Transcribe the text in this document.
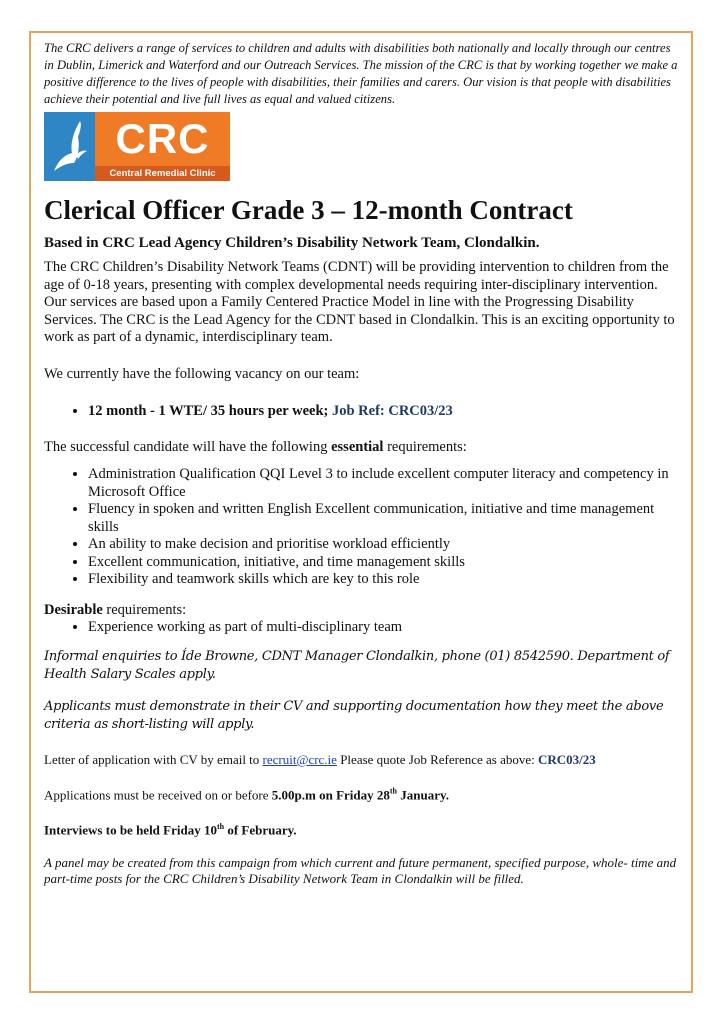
The CRC delivers a range of services to children and adults with disabilities both nationally and locally through our centres in Dublin, Limerick and Waterford and our Outreach Services. The mission of the CRC is that by working together we make a positive difference to the lives of people with disabilities, their families and carers. Our vision is that people with disabilities achieve their potential and live full lives as equal and valued citizens.

CRC
Central Remedial Clinic
Clerical Officer Grade 3 – 12-month Contract

Based in CRC Lead Agency Children’s Disability Network Team, Clondalkin.

The CRC Children’s Disability Network Teams (CDNT) will be providing intervention to children from the age of 0-18 years, presenting with complex developmental needs requiring inter-disciplinary intervention. Our services are based upon a Family Centered Practice Model in line with the Progressing Disability Services. The CRC is the Lead Agency for the CDNT based in Clondalkin. This is an exciting opportunity to work as part of a dynamic, interdisciplinary team.

We currently have the following vacancy on our team:

• 12 month - 1 WTE/ 35 hours per week; Job Ref: CRC03/23

The successful candidate will have the following essential requirements:

• Administration Qualification QQI Level 3 to include excellent computer literacy and competency in Microsoft Office
• Fluency in spoken and written English Excellent communication, initiative and time management skills
• An ability to make decision and prioritise workload efficiently
• Excellent communication, initiative, and time management skills
• Flexibility and teamwork skills which are key to this role

Desirable requirements:

• Experience working as part of multi-disciplinary team

Informal enquiries to Íde Browne, CDNT Manager Clondalkin, phone (01) 8542590. Department of Health Salary Scales apply.

Applicants must demonstrate in their CV and supporting documentation how they meet the above criteria as short-listing will apply.

Letter of application with CV by email to recruit@crc.ie Please quote Job Reference as above: CRC03/23

Applications must be received on or before 5.00p.m on Friday 28th January.

Interviews to be held Friday 10th of February.

A panel may be created from this campaign from which current and future permanent, specified purpose, whole- time and part-time posts for the CRC Children’s Disability Network Team in Clondalkin will be filled.
